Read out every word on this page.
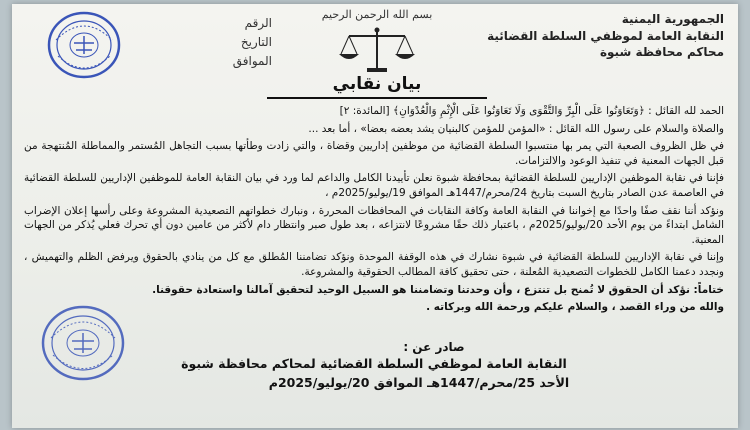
الجمهورية اليمنية
النقابة العامة لموظفي السلطة القضائية
محاكم محافظة شبوة
بسم الله الرحمن الرحيم
الرقم
التاريخ
الموافق
بيان نقابي

الحمد لله القائل : ﴿وَتَعَاوَنُوا عَلَى الْبِرِّ وَالتَّقْوَى وَلَا تَعَاوَنُوا عَلَى الْإِثْمِ وَالْعُدْوَانِ﴾ [المائدة: ٢]

والصلاة والسلام على رسول الله القائل : «المؤمن للمؤمن كالبنيان يشد بعضه بعضا» ، أما بعد ...

في ظل الظروف الصعبة التي يمر بها منتسبوا السلطة القضائية من موظفين إداريين وقضاة ، والتي زادت وطأتها بسبب التجاهل المُستمر والمماطلة المُنتهجة من قبل الجهات المعنية في تنفيذ الوعود والالتزامات.

فإننا في نقابة الموظفين الإداريين للسلطة القضائية بمحافظة شبوة نعلن تأييدنا الكامل والداعم لما ورد في بيان النقابة العامة للموظفين الإداريين للسلطة القضائية في العاصمة عدن الصادر بتاريخ السبت بتاريخ 24/محرم/1447هـ الموافق 19/يوليو/2025م ،

ونؤكد أننا نقف صفًا واحدًا مع إخواننا في النقابة العامة وكافة النقابات في المحافظات المحررة ، ونبارك خطواتهم التصعيدية المشروعة وعلى رأسها إعلان الإضراب الشامل ابتداءً من يوم الأحد 20/يوليو/2025م ، باعتبار ذلك حقًا مشروعًا لانتزاعه ، بعد طول صبر وانتظار دام لأكثر من عامين دون أي تحرك فعلي يُذكر من الجهات المعنية.

وإننا في نقابة الإداريين للسلطة القضائية في شبوة نشارك في هذه الوقفة الموحدة ونؤكد تضامننا المُطلق مع كل من ينادي بالحقوق ويرفض الظلم والتهميش ، ونجدد دعمنا الكامل للخطوات التصعيدية المُعلنة ، حتى تحقيق كافة المطالب الحقوقية والمشروعة.

ختاماً: نؤكد أن الحقوق لا تُمنح بل تنتزع ، وأن وحدتنا وتضامننا هو السبيل الوحيد لتحقيق آمالنا واستعادة حقوقنا.

والله من وراء القصد ، والسلام عليكم ورحمة الله وبركاته .

صادر عن :
النقابة العامة لموظفي السلطة القضائية لمحاكم محافظة شبوة
الأحد 25/محرم/1447هـ الموافق 20/يوليو/2025م
